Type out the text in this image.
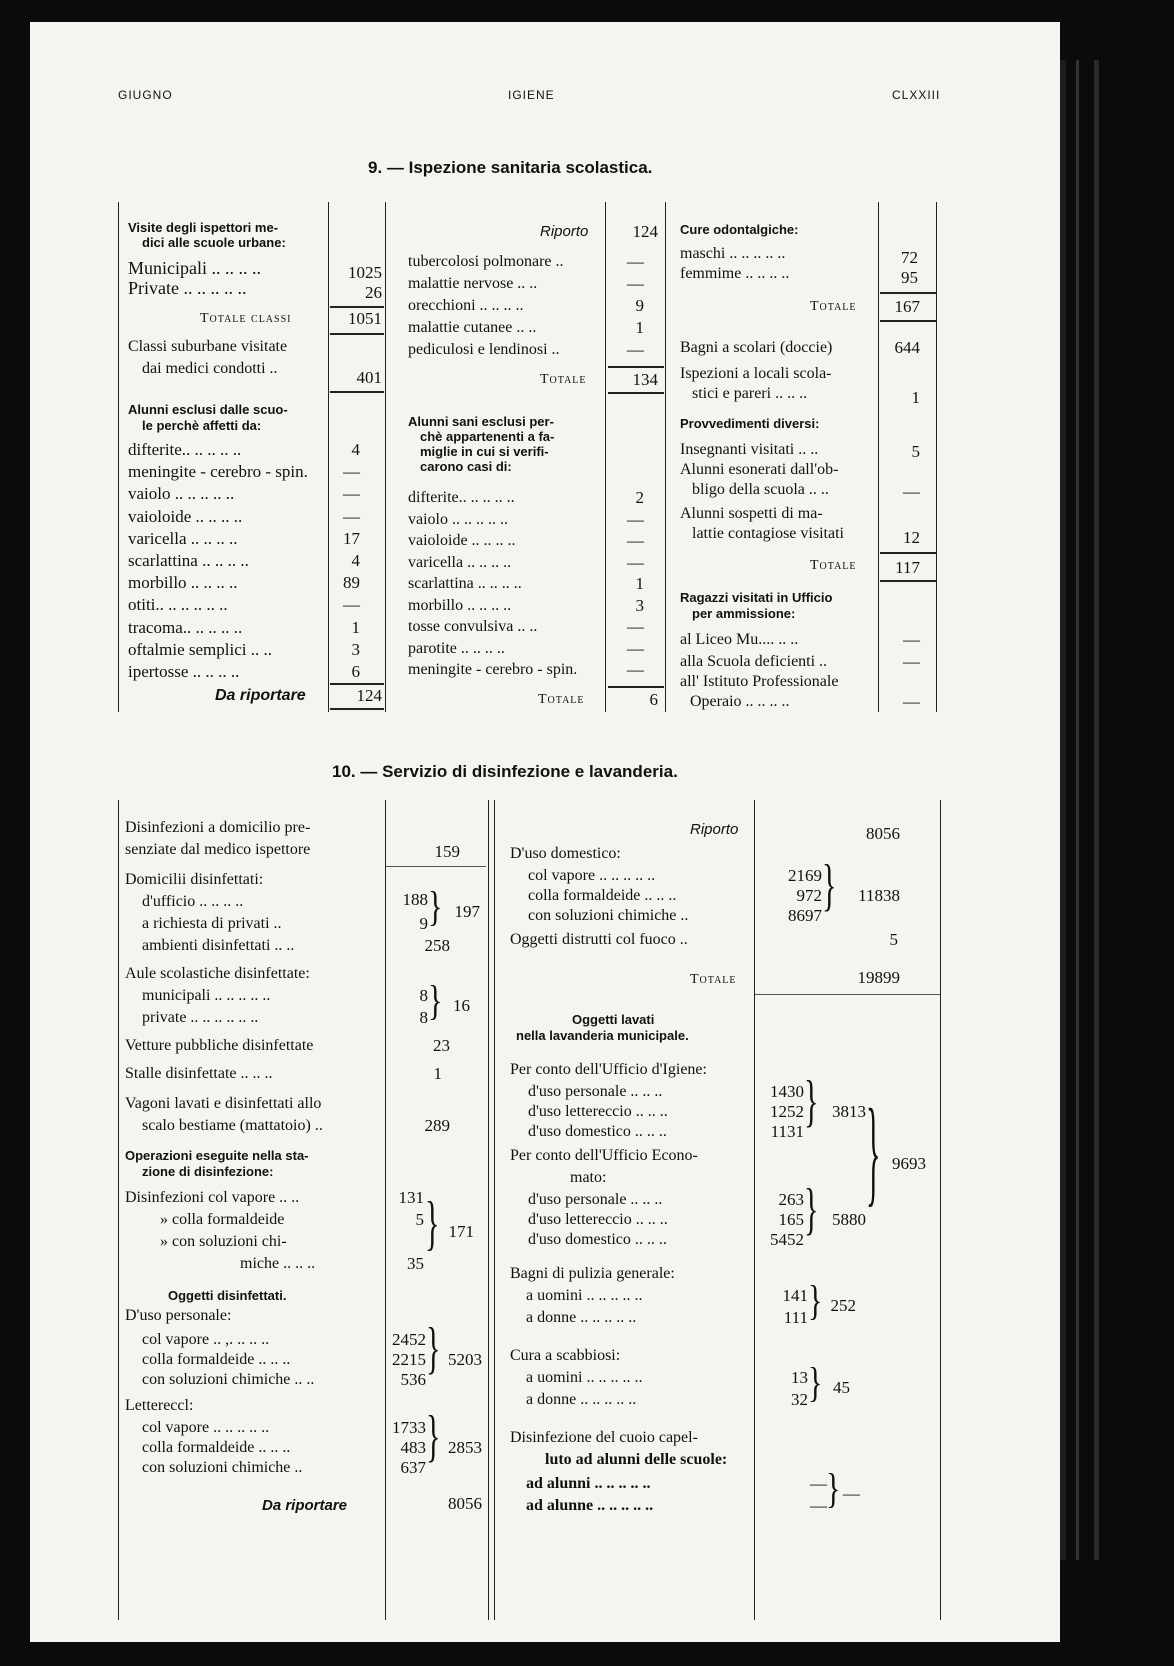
GIUGNO	IGIENE	CLXXIII
9. — Ispezione sanitaria scolastica.
Visite degli ispettori me-
dici alle scuole urbane:
Municipali .. .. .. ..	1025
Private .. .. .. .. ..	26
Totale classi	1051
Classi suburbane visitate
dai medici condotti ..	401
Alunni esclusi dalle scuo-
le perchè affetti da:
difterite.. .. .. .. ..	4
meningite - cerebro - spin.	—
vaiolo .. .. .. .. ..	—
vaioloide .. .. .. ..	—
varicella .. .. .. ..	17
scarlattina .. .. .. ..	4
morbillo .. .. .. ..	89
otiti.. .. .. .. .. ..	—
tracoma.. .. .. .. ..	1
oftalmie semplici .. ..	3
ipertosse .. .. .. ..	6
Da riportare	124
Riporto	124
tubercolosi polmonare ..	—
malattie nervose .. ..	—
orecchioni .. .. .. ..	9
malattie cutanee .. ..	1
pediculosi e lendinosi ..	—
Totale	134
Alunni sani esclusi per-
chè appartenenti a fa-
miglie in cui si verifi-
carono casi di:
difterite.. .. .. .. ..	2
vaiolo .. .. .. .. ..	—
vaioloide .. .. .. ..	—
varicella .. .. .. ..	—
scarlattina .. .. .. ..	1
morbillo .. .. .. ..	3
tosse convulsiva .. ..	—
parotite .. .. .. ..	—
meningite - cerebro - spin.	—
Totale	6
Cure odontalgiche:
maschi .. .. .. .. ..	72
femmime .. .. .. ..	95
Totale	167
Bagni a scolari (doccie)	644
Ispezioni a locali scola-
stici e pareri .. .. ..	1
Provvedimenti diversi:
Insegnanti visitati .. ..	5
Alunni esonerati dall'ob-
bligo della scuola .. ..	—
Alunni sospetti di ma-
lattie contagiose visitati	12
Totale	117
Ragazzi visitati in Ufficio
per ammissione:
al Liceo Mu.... .. ..	—
alla Scuola deficienti ..	—
all' Istituto Professionale
Operaio .. .. .. ..	—
10. — Servizio di disinfezione e lavanderia.
Disinfezioni a domicilio pre-
senziate dal medico ispettore	159
Domicilii disinfettati:
d'ufficio .. .. .. ..	188
a richiesta di privati ..	9 } 197
ambienti disinfettati .. ..	258
Aule scolastiche disinfettate:
municipali .. .. .. .. ..	8
private .. .. .. .. .. ..	8 } 16
Vetture pubbliche disinfettate	23
Stalle disinfettate .. .. ..	1
Vagoni lavati e disinfettati allo
scalo bestiame (mattatoio) ..	289
Operazioni eseguite nella sta-
zione di disinfezione:
Disinfezioni col vapore .. ..	131
» colla formaldeide	5
» con soluzioni chi-
miche .. .. ..	35
} 171
Oggetti disinfettati.
D'uso personale:
col vapore .. ,. .. .. ..	2452
colla formaldeide .. .. ..	2215
con soluzioni chimiche .. ..	536 } 5203
Lettereccl:
col vapore .. .. .. .. ..	1733
colla formaldeide .. .. ..	483
con soluzioni chimiche ..	637 } 2853
Da riportare	8056
Riporto	8056
D'uso domestico:
col vapore .. .. .. .. ..	2169
colla formaldeide .. .. ..	972
con soluzioni chimiche ..	8697 }	11838
Oggetti distrutti col fuoco ..	5
Totale	19899
Oggetti lavati
nella lavanderia municipale.
Per conto dell'Ufficio d'Igiene:
d'uso personale .. .. ..	1430
d'uso lettereccio .. .. ..	1252
d'uso domestico .. .. ..	1131 } 3813 } 9693
Per conto dell'Ufficio Econo-
mato:
d'uso personale .. .. ..	263
d'uso lettereccio .. .. ..	165
d'uso domestico .. .. ..	5452 } 5880
Bagni di pulizia generale:
a uomini .. .. .. .. ..	141
a donne .. .. .. .. ..	111 } 252
Cura a scabbiosi:
a uomini .. .. .. .. ..	13
a donne .. .. .. .. ..	32 } 45
Disinfezione del cuoio capel-
luto ad alunni delle scuole:
ad alunni .. .. .. .. ..	—
ad alunne .. .. .. .. ..	— } —
